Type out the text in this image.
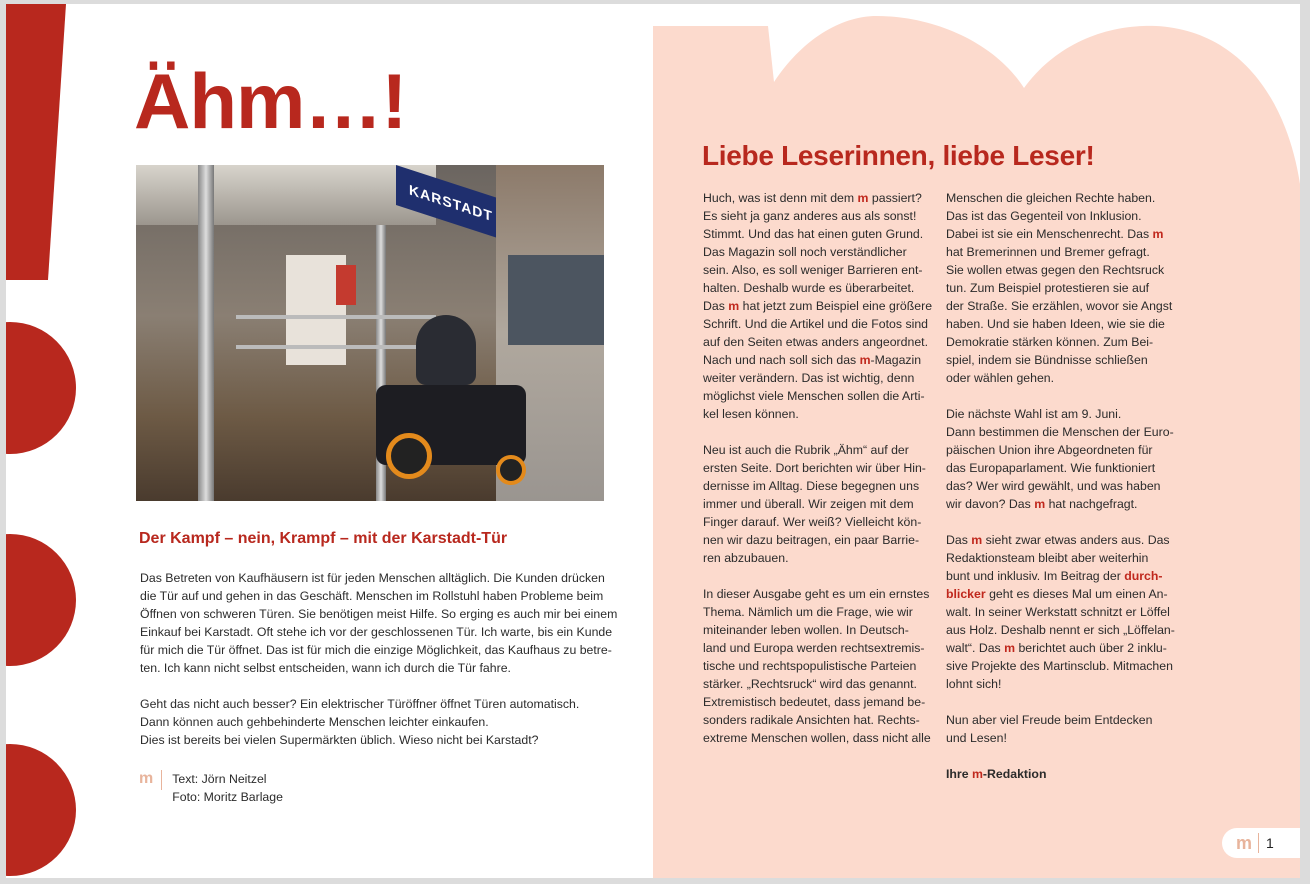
Ähm…!
KARSTADT
Der Kampf – nein, Krampf – mit der Karstadt-Tür

Das Betreten von Kaufhäusern ist für jeden Menschen alltäglich. Die Kunden drücken
die Tür auf und gehen in das Geschäft. Menschen im Rollstuhl haben Probleme beim
Öffnen von schweren Türen. Sie benötigen meist Hilfe. So erging es auch mir bei einem
Einkauf bei Karstadt. Oft stehe ich vor der geschlossenen Tür. Ich warte, bis ein Kunde
für mich die Tür öffnet. Das ist für mich die einzige Möglichkeit, das Kaufhaus zu betre-
ten. Ich kann nicht selbst entscheiden, wann ich durch die Tür fahre.

Geht das nicht auch besser? Ein elektrischer Türöffner öffnet Türen automatisch.
Dann können auch gehbehinderte Menschen leichter einkaufen.
Dies ist bereits bei vielen Supermärkten üblich. Wieso nicht bei Karstadt?

m	Text: Jörn Neitzel
Foto: Moritz Barlage
Liebe Leserinnen, liebe Leser!

Huch, was ist denn mit dem m passiert?
Es sieht ja ganz anderes aus als sonst!
Stimmt. Und das hat einen guten Grund.
Das Magazin soll noch verständlicher
sein. Also, es soll weniger Barrieren ent-
halten. Deshalb wurde es überarbeitet.
Das m hat jetzt zum Beispiel eine größere
Schrift. Und die Artikel und die Fotos sind
auf den Seiten etwas anders angeordnet.
Nach und nach soll sich das m-Magazin
weiter verändern. Das ist wichtig, denn
möglichst viele Menschen sollen die Arti-
kel lesen können.

Neu ist auch die Rubrik „Ähm“ auf der
ersten Seite. Dort berichten wir über Hin-
dernisse im Alltag. Diese begegnen uns
immer und überall. Wir zeigen mit dem
Finger darauf. Wer weiß? Vielleicht kön-
nen wir dazu beitragen, ein paar Barrie-
ren abzubauen.

In dieser Ausgabe geht es um ein ernstes
Thema. Nämlich um die Frage, wie wir
miteinander leben wollen. In Deutsch-
land und Europa werden rechtsextremis-
tische und rechtspopulistische Parteien
stärker. „Rechtsruck“ wird das genannt.
Extremistisch bedeutet, dass jemand be-
sonders radikale Ansichten hat. Rechts-
extreme Menschen wollen, dass nicht alle

Menschen die gleichen Rechte haben.
Das ist das Gegenteil von Inklusion.
Dabei ist sie ein Menschenrecht. Das m
hat Bremerinnen und Bremer gefragt.
Sie wollen etwas gegen den Rechtsruck
tun. Zum Beispiel protestieren sie auf
der Straße. Sie erzählen, wovor sie Angst
haben. Und sie haben Ideen, wie sie die
Demokratie stärken können. Zum Bei-
spiel, indem sie Bündnisse schließen
oder wählen gehen.

Die nächste Wahl ist am 9. Juni.
Dann bestimmen die Menschen der Euro-
päischen Union ihre Abgeordneten für
das Europaparlament. Wie funktioniert
das? Wer wird gewählt, und was haben
wir davon? Das m hat nachgefragt.

Das m sieht zwar etwas anders aus. Das
Redaktionsteam bleibt aber weiterhin
bunt und inklusiv. Im Beitrag der durch-
blicker geht es dieses Mal um einen An-
walt. In seiner Werkstatt schnitzt er Löffel
aus Holz. Deshalb nennt er sich „Löffelan-
walt“. Das m berichtet auch über 2 inklu-
sive Projekte des Martinsclub. Mitmachen
lohnt sich!

Nun aber viel Freude beim Entdecken
und Lesen!

Ihre m-Redaktion

m	1
